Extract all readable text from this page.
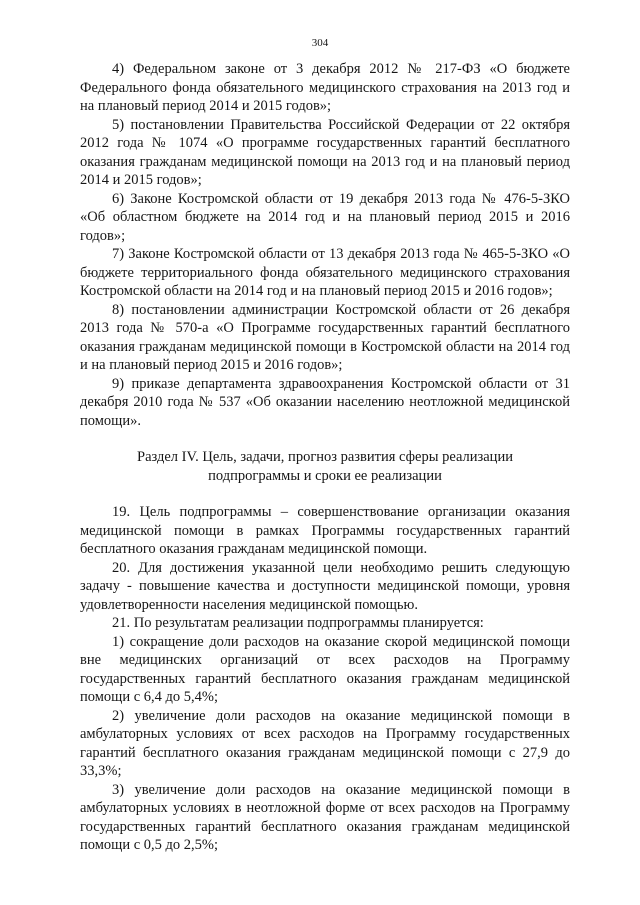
304

4) Федеральном законе от 3 декабря 2012 № 217-ФЗ «О бюджете Федерального фонда обязательного медицинского страхования на 2013 год и на плановый период 2014 и 2015 годов»;

5) постановлении Правительства Российской Федерации от 22 октября 2012 года № 1074 «О программе государственных гарантий бесплатного оказания гражданам медицинской помощи на 2013 год и на плановый период 2014 и 2015 годов»;

6) Законе Костромской области от 19 декабря 2013 года № 476-5-ЗКО «Об областном бюджете на 2014 год и на плановый период 2015 и 2016 годов»;

7) Законе Костромской области от 13 декабря 2013 года № 465-5-ЗКО «О бюджете территориального фонда обязательного медицинского страхования Костромской области на 2014 год и на плановый период 2015 и 2016 годов»;

8) постановлении администрации Костромской области от 26 декабря 2013 года № 570-а «О Программе государственных гарантий бесплатного оказания гражданам медицинской помощи в Костромской области на 2014 год и на плановый период 2015 и 2016 годов»;

9) приказе департамента здравоохранения Костромской области от 31 декабря 2010 года № 537 «Об оказании населению неотложной медицинской помощи».

Раздел IV. Цель, задачи, прогноз развития сферы реализации
подпрограммы и сроки ее реализации

19. Цель подпрограммы – совершенствование организации оказания медицинской помощи в рамках Программы государственных гарантий бесплатного оказания гражданам медицинской помощи.

20. Для достижения указанной цели необходимо решить следующую задачу - повышение качества и доступности медицинской помощи, уровня удовлетворенности населения медицинской помощью.

21. По результатам реализации подпрограммы планируется:

1) сокращение доли расходов на оказание скорой медицинской помощи вне медицинских организаций от всех расходов на Программу государственных гарантий бесплатного оказания гражданам медицинской помощи с 6,4 до 5,4%;

2) увеличение доли расходов на оказание медицинской помощи в амбулаторных условиях от всех расходов на Программу государственных гарантий бесплатного оказания гражданам медицинской помощи с 27,9 до 33,3%;

3) увеличение доли расходов на оказание медицинской помощи в амбулаторных условиях в неотложной форме от всех расходов на Программу государственных гарантий бесплатного оказания гражданам медицинской помощи с 0,5 до 2,5%;
